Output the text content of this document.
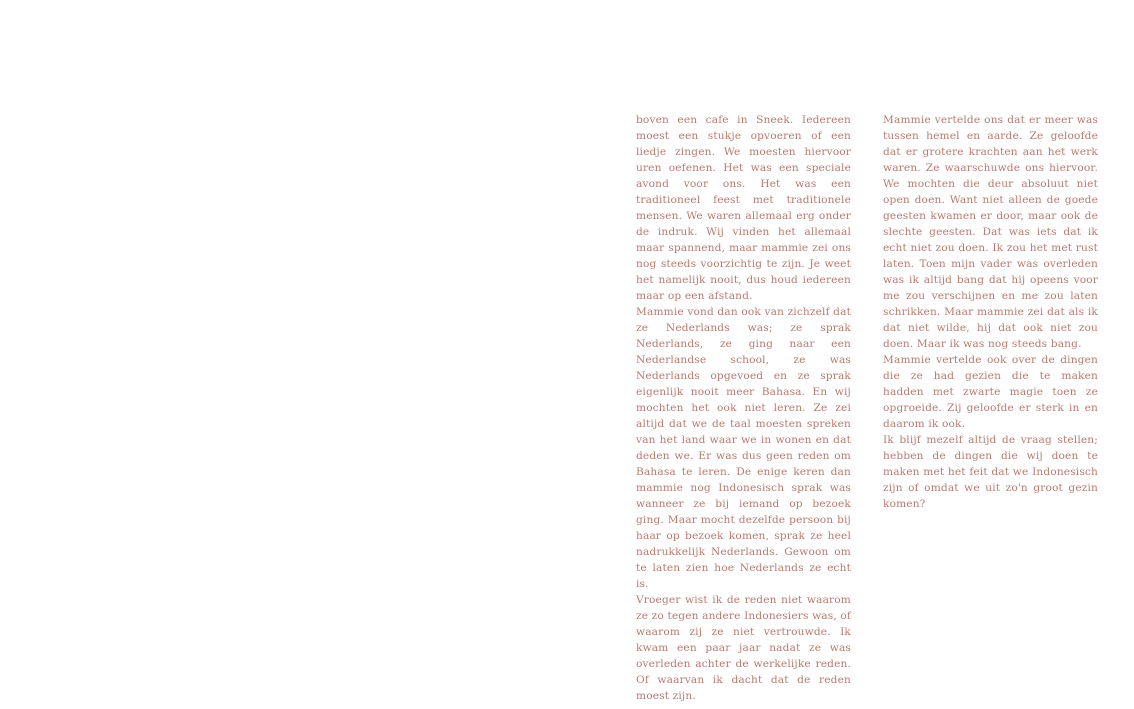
boven een cafe in Sneek. Iedereen moest een stukje opvoeren of een liedje zingen. We moesten hiervoor uren oefenen. Het was een speciale avond voor ons. Het was een traditioneel feest met traditionele mensen. We waren allemaal erg onder de indruk. Wij vinden het allemaal maar spannend, maar mammie zei ons nog steeds voorzichtig te zijn. Je weet het namelijk nooit, dus houd iedereen maar op een afstand.

Mammie vond dan ook van zichzelf dat ze Nederlands was; ze sprak Nederlands, ze ging naar een Nederlandse school, ze was Nederlands opgevoed en ze sprak eigenlijk nooit meer Bahasa. En wij mochten het ook niet leren. Ze zei altijd dat we de taal moesten spreken van het land waar we in wonen en dat deden we. Er was dus geen reden om Bahasa te leren. De enige keren dan mammie nog Indonesisch sprak was wanneer ze bij iemand op bezoek ging. Maar mocht dezelfde persoon bij haar op bezoek komen, sprak ze heel nadrukkelijk Nederlands. Gewoon om te laten zien hoe Nederlands ze echt is.

Vroeger wist ik de reden niet waarom ze zo tegen andere Indonesiers was, of waarom zij ze niet vertrouwde. Ik kwam een paar jaar nadat ze was overleden achter de werkelijke reden. Of waarvan ik dacht dat de reden moest zijn.

Mammie vertelde ons dat er meer was tussen hemel en aarde. Ze geloofde dat er grotere krachten aan het werk waren. Ze waarschuwde ons hiervoor. We mochten die deur absoluut niet open doen. Want niet alleen de goede geesten kwamen er door, maar ook de slechte geesten. Dat was iets dat ik echt niet zou doen. Ik zou het met rust laten. Toen mijn vader was overleden was ik altijd bang dat hij opeens voor me zou verschijnen en me zou laten schrikken. Maar mammie zei dat als ik dat niet wilde, hij dat ook niet zou doen. Maar ik was nog steeds bang.

Mammie vertelde ook over de dingen die ze had gezien die te maken hadden met zwarte magie toen ze opgroeide. Zij geloofde er sterk in en daarom ik ook.

Ik blijf mezelf altijd de vraag stellen; hebben de dingen die wij doen te maken met het feit dat we Indonesisch zijn of omdat we uit zo'n groot gezin komen?
